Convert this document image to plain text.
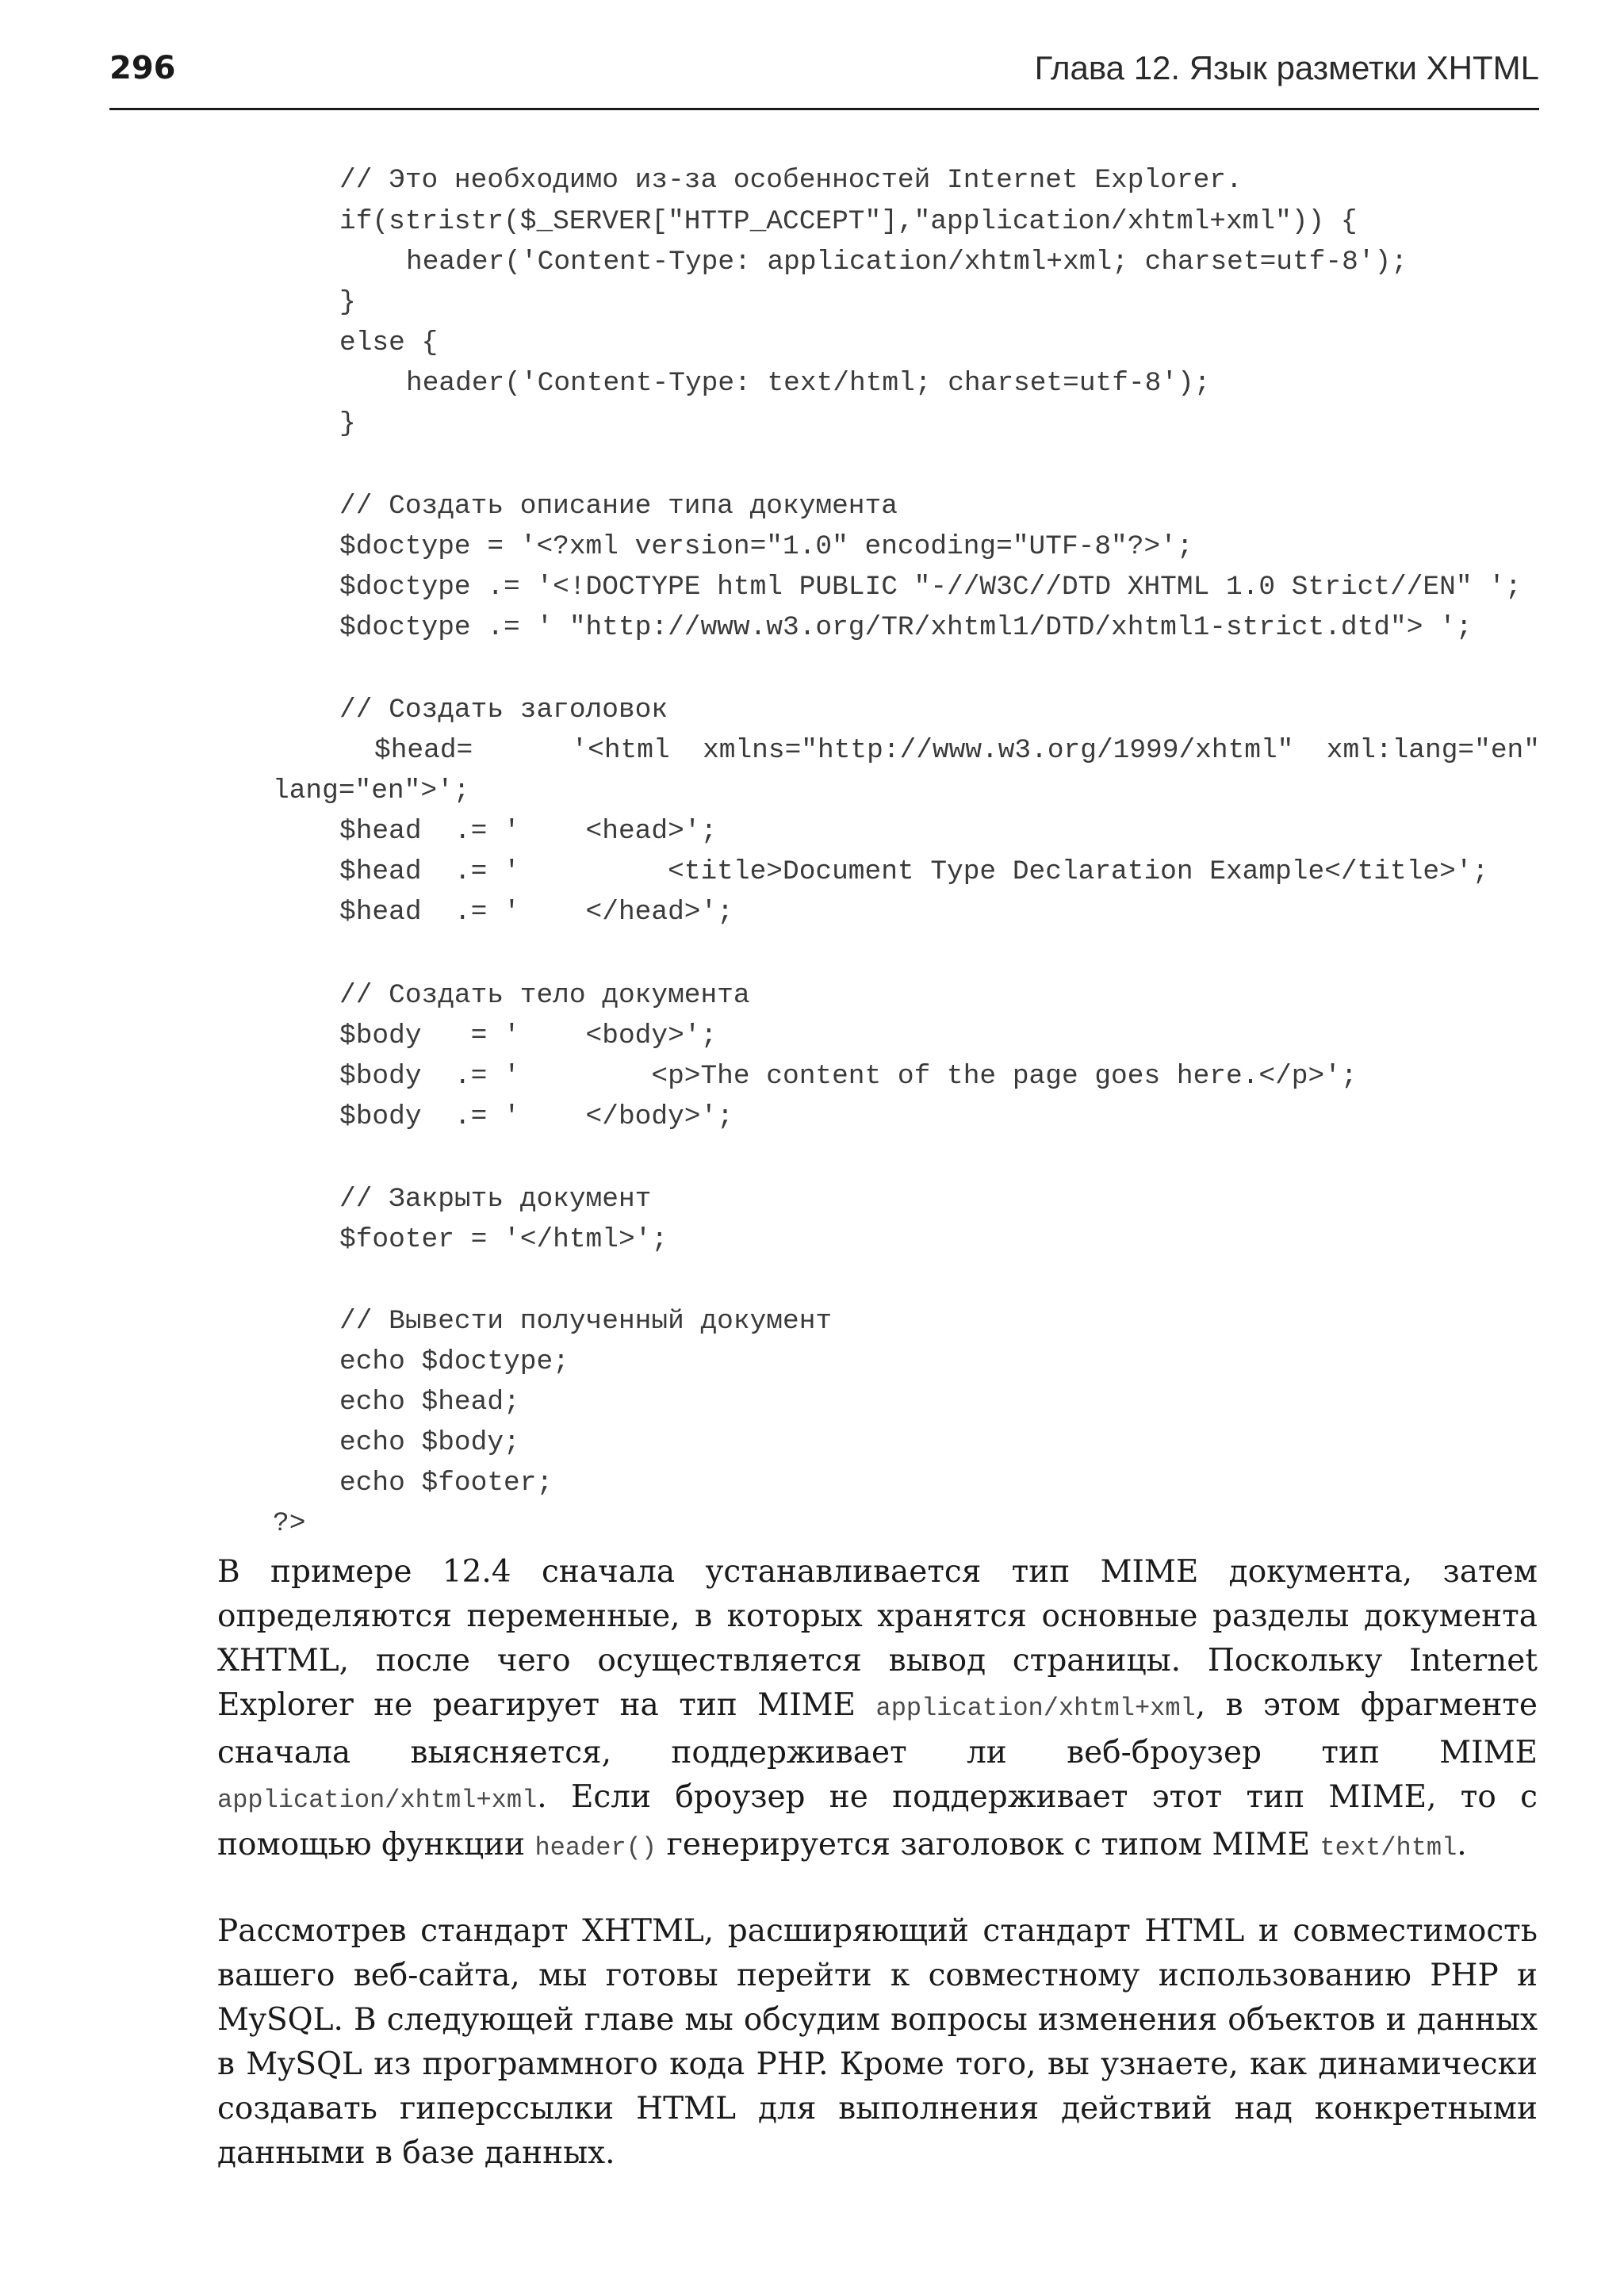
296	Глава 12. Язык разметки XHTML
// Это необходимо из-за особенностей Internet Explorer.
if(stristr($_SERVER["HTTP_ACCEPT"],"application/xhtml+xml")) {
header('Content-Type: application/xhtml+xml; charset=utf-8');
}
else {
header('Content-Type: text/html; charset=utf-8');
}
// Создать описание типа документа
$doctype = '<?xml version="1.0" encoding="UTF-8"?>';
$doctype .= '<!DOCTYPE html PUBLIC "-//W3C//DTD XHTML 1.0 Strict//EN" ';
$doctype .= ' "http://www.w3.org/TR/xhtml1/DTD/xhtml1-strict.dtd"> ';
// Создать заголовок
$head=      '<html  xmlns="http://www.w3.org/1999/xhtml"  xml:lang="en"
lang="en">';
$head  .= '    <head>';
$head  .= '         <title>Document Type Declaration Example</title>';
$head  .= '    </head>';
// Создать тело документа
$body   = '    <body>';
$body  .= '        <p>The content of the page goes here.</p>';
$body  .= '    </body>';
// Закрыть документ
$footer = '</html>';
// Вывести полученный документ
echo $doctype;
echo $head;
echo $body;
echo $footer;
?>

В примере 12.4 сначала устанавливается тип MIME документа, затем определяются переменные, в которых хранятся основные разделы документа XHTML, после чего осуществляется вывод страницы. Поскольку Internet Explorer не реагирует на тип MIME application/xhtml+xml, в этом фрагменте сначала выясняется, поддерживает ли веб-броузер тип MIME application/xhtml+xml. Если броузер не поддерживает этот тип MIME, то с помощью функции header() генерируется заголовок с типом MIME text/html.

Рассмотрев стандарт XHTML, расширяющий стандарт HTML и совместимость вашего веб-сайта, мы готовы перейти к совместному использованию PHP и MySQL. В следующей главе мы обсудим вопросы изменения объектов и данных в MySQL из программного кода PHP. Кроме того, вы узнаете, как динамически создавать гиперссылки HTML для выполнения действий над конкретными данными в базе данных.
